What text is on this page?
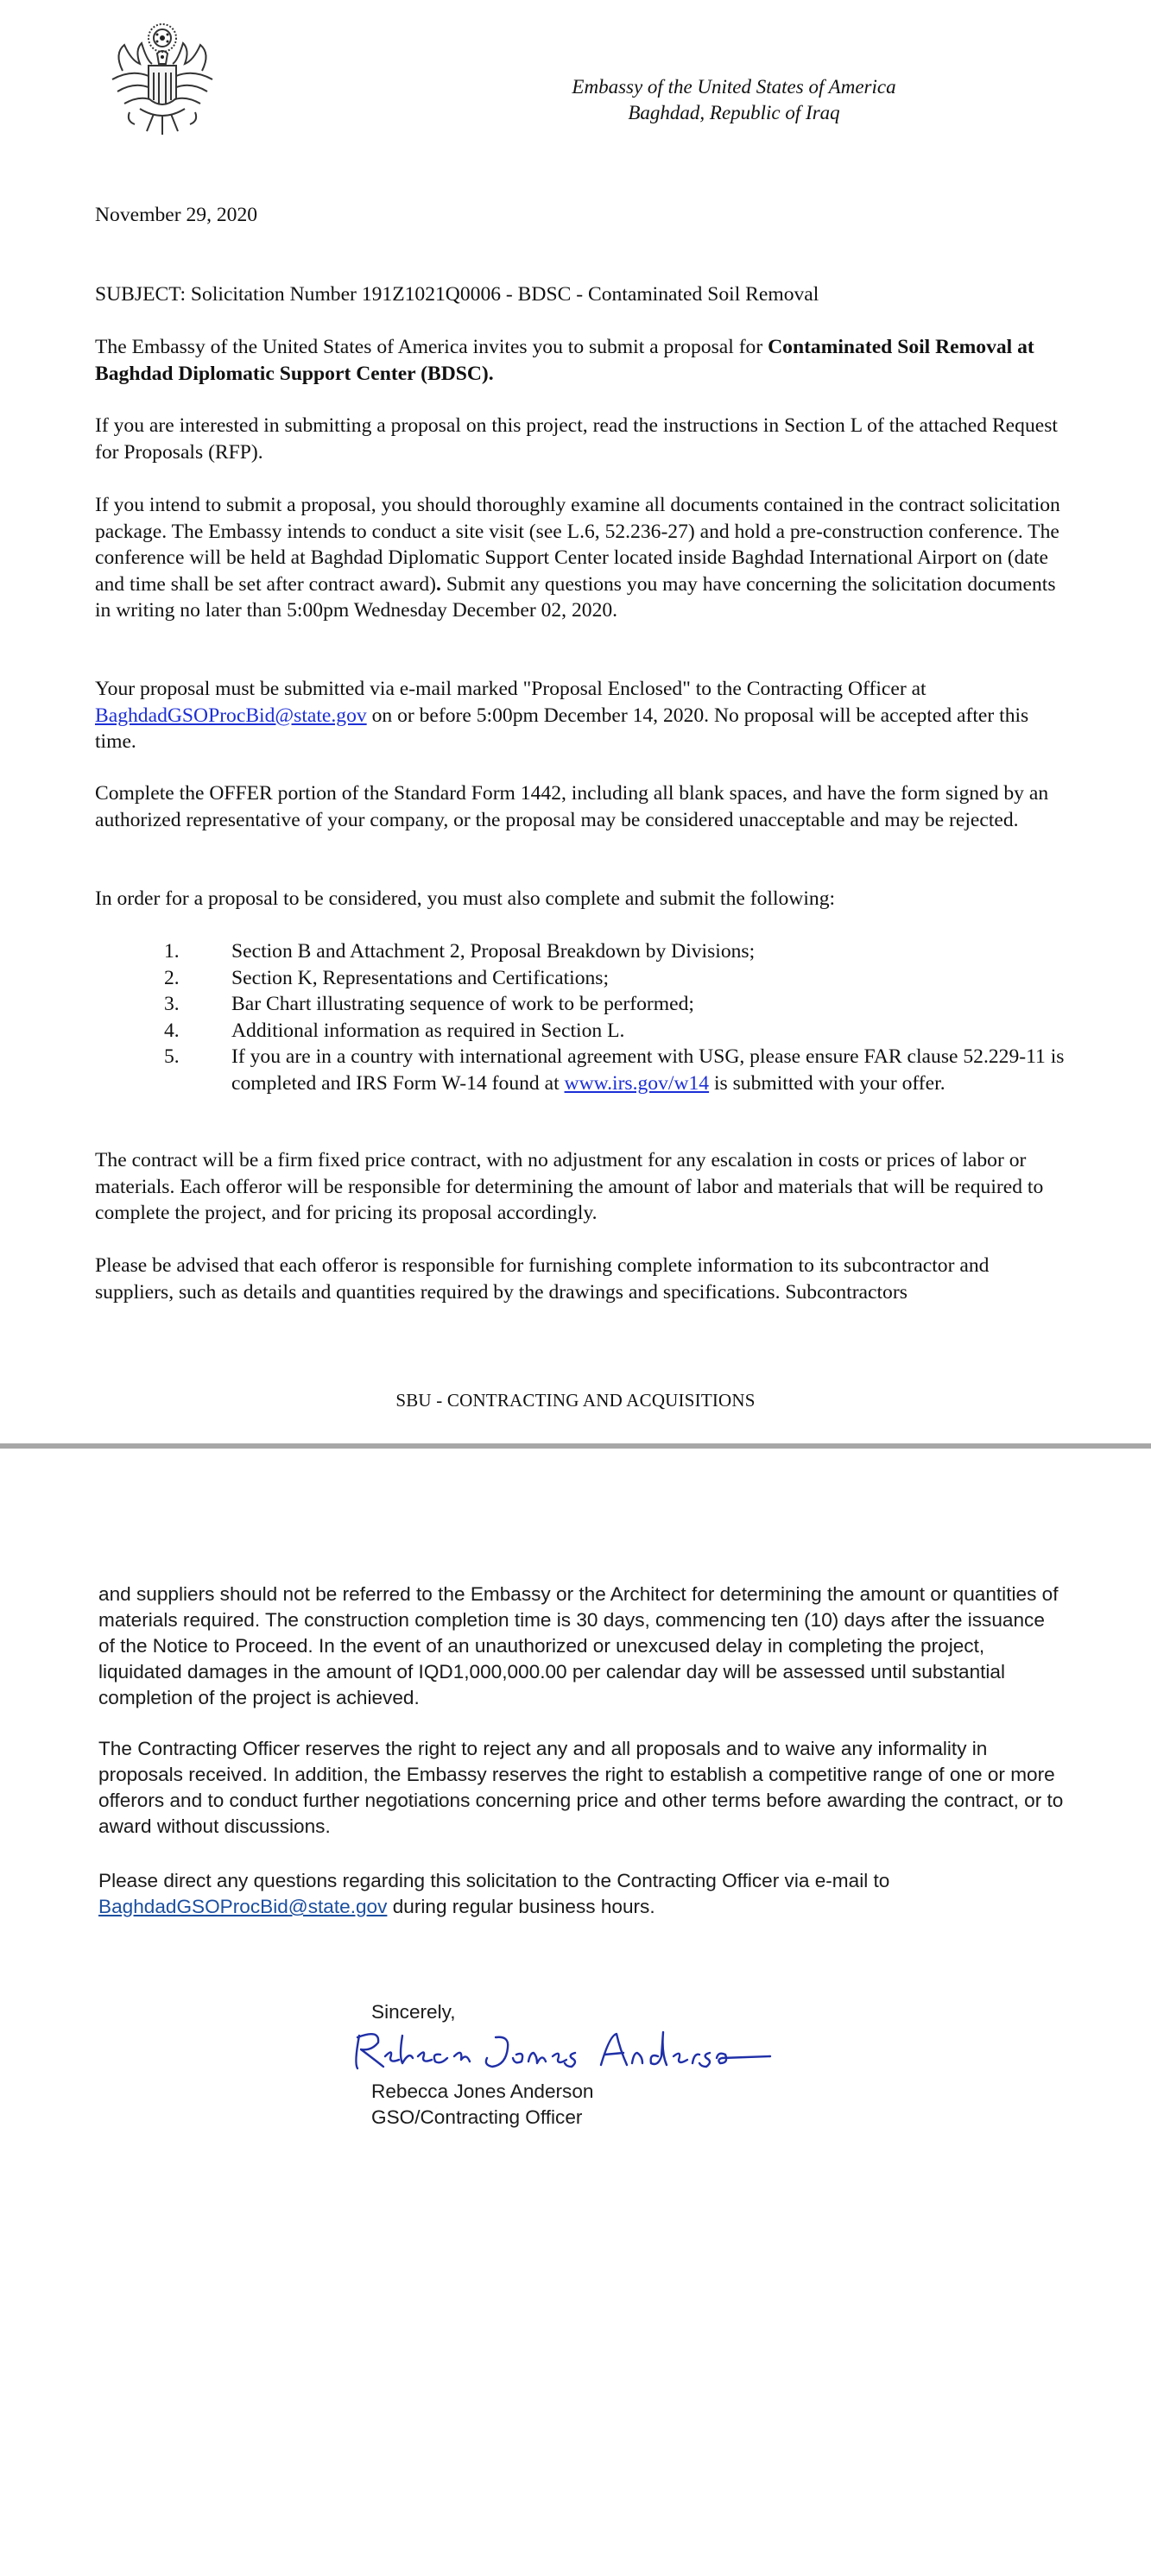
Embassy of the United States of America
Baghdad, Republic of Iraq

November 29, 2020

SUBJECT: Solicitation Number 191Z1021Q0006 - BDSC - Contaminated Soil Removal

The Embassy of the United States of America invites you to submit a proposal for Contaminated Soil Removal at Baghdad Diplomatic Support Center (BDSC).

If you are interested in submitting a proposal on this project, read the instructions in Section L of the attached Request for Proposals (RFP).

If you intend to submit a proposal, you should thoroughly examine all documents contained in the contract solicitation package. The Embassy intends to conduct a site visit (see L.6, 52.236-27) and hold a pre-construction conference. The conference will be held at Baghdad Diplomatic Support Center located inside Baghdad International Airport on (date and time shall be set after contract award). Submit any questions you may have concerning the solicitation documents in writing no later than 5:00pm Wednesday December 02, 2020.

Your proposal must be submitted via e-mail marked "Proposal Enclosed" to the Contracting Officer at BaghdadGSOProcBid@state.gov on or before 5:00pm December 14, 2020. No proposal will be accepted after this time.

Complete the OFFER portion of the Standard Form 1442, including all blank spaces, and have the form signed by an authorized representative of your company, or the proposal may be considered unacceptable and may be rejected.

In order for a proposal to be considered, you must also complete and submit the following:

1.	Section B and Attachment 2, Proposal Breakdown by Divisions;
2.	Section K, Representations and Certifications;
3.	Bar Chart illustrating sequence of work to be performed;
4.	Additional information as required in Section L.
5.	If you are in a country with international agreement with USG, please ensure FAR clause 52.229-11 is completed and IRS Form W-14 found at www.irs.gov/w14 is submitted with your offer.

The contract will be a firm fixed price contract, with no adjustment for any escalation in costs or prices of labor or materials. Each offeror will be responsible for determining the amount of labor and materials that will be required to complete the project, and for pricing its proposal accordingly.

Please be advised that each offeror is responsible for furnishing complete information to its subcontractor and suppliers, such as details and quantities required by the drawings and specifications. Subcontractors

SBU - CONTRACTING AND ACQUISITIONS

and suppliers should not be referred to the Embassy or the Architect for determining the amount or quantities of materials required. The construction completion time is 30 days, commencing ten (10) days after the issuance of the Notice to Proceed. In the event of an unauthorized or unexcused delay in completing the project, liquidated damages in the amount of IQD1,000,000.00 per calendar day will be assessed until substantial completion of the project is achieved.

The Contracting Officer reserves the right to reject any and all proposals and to waive any informality in proposals received. In addition, the Embassy reserves the right to establish a competitive range of one or more offerors and to conduct further negotiations concerning price and other terms before awarding the contract, or to award without discussions.

Please direct any questions regarding this solicitation to the Contracting Officer via e-mail to BaghdadGSOProcBid@state.gov during regular business hours.

Sincerely,
Rebecca Jones Anderson
GSO/Contracting Officer
